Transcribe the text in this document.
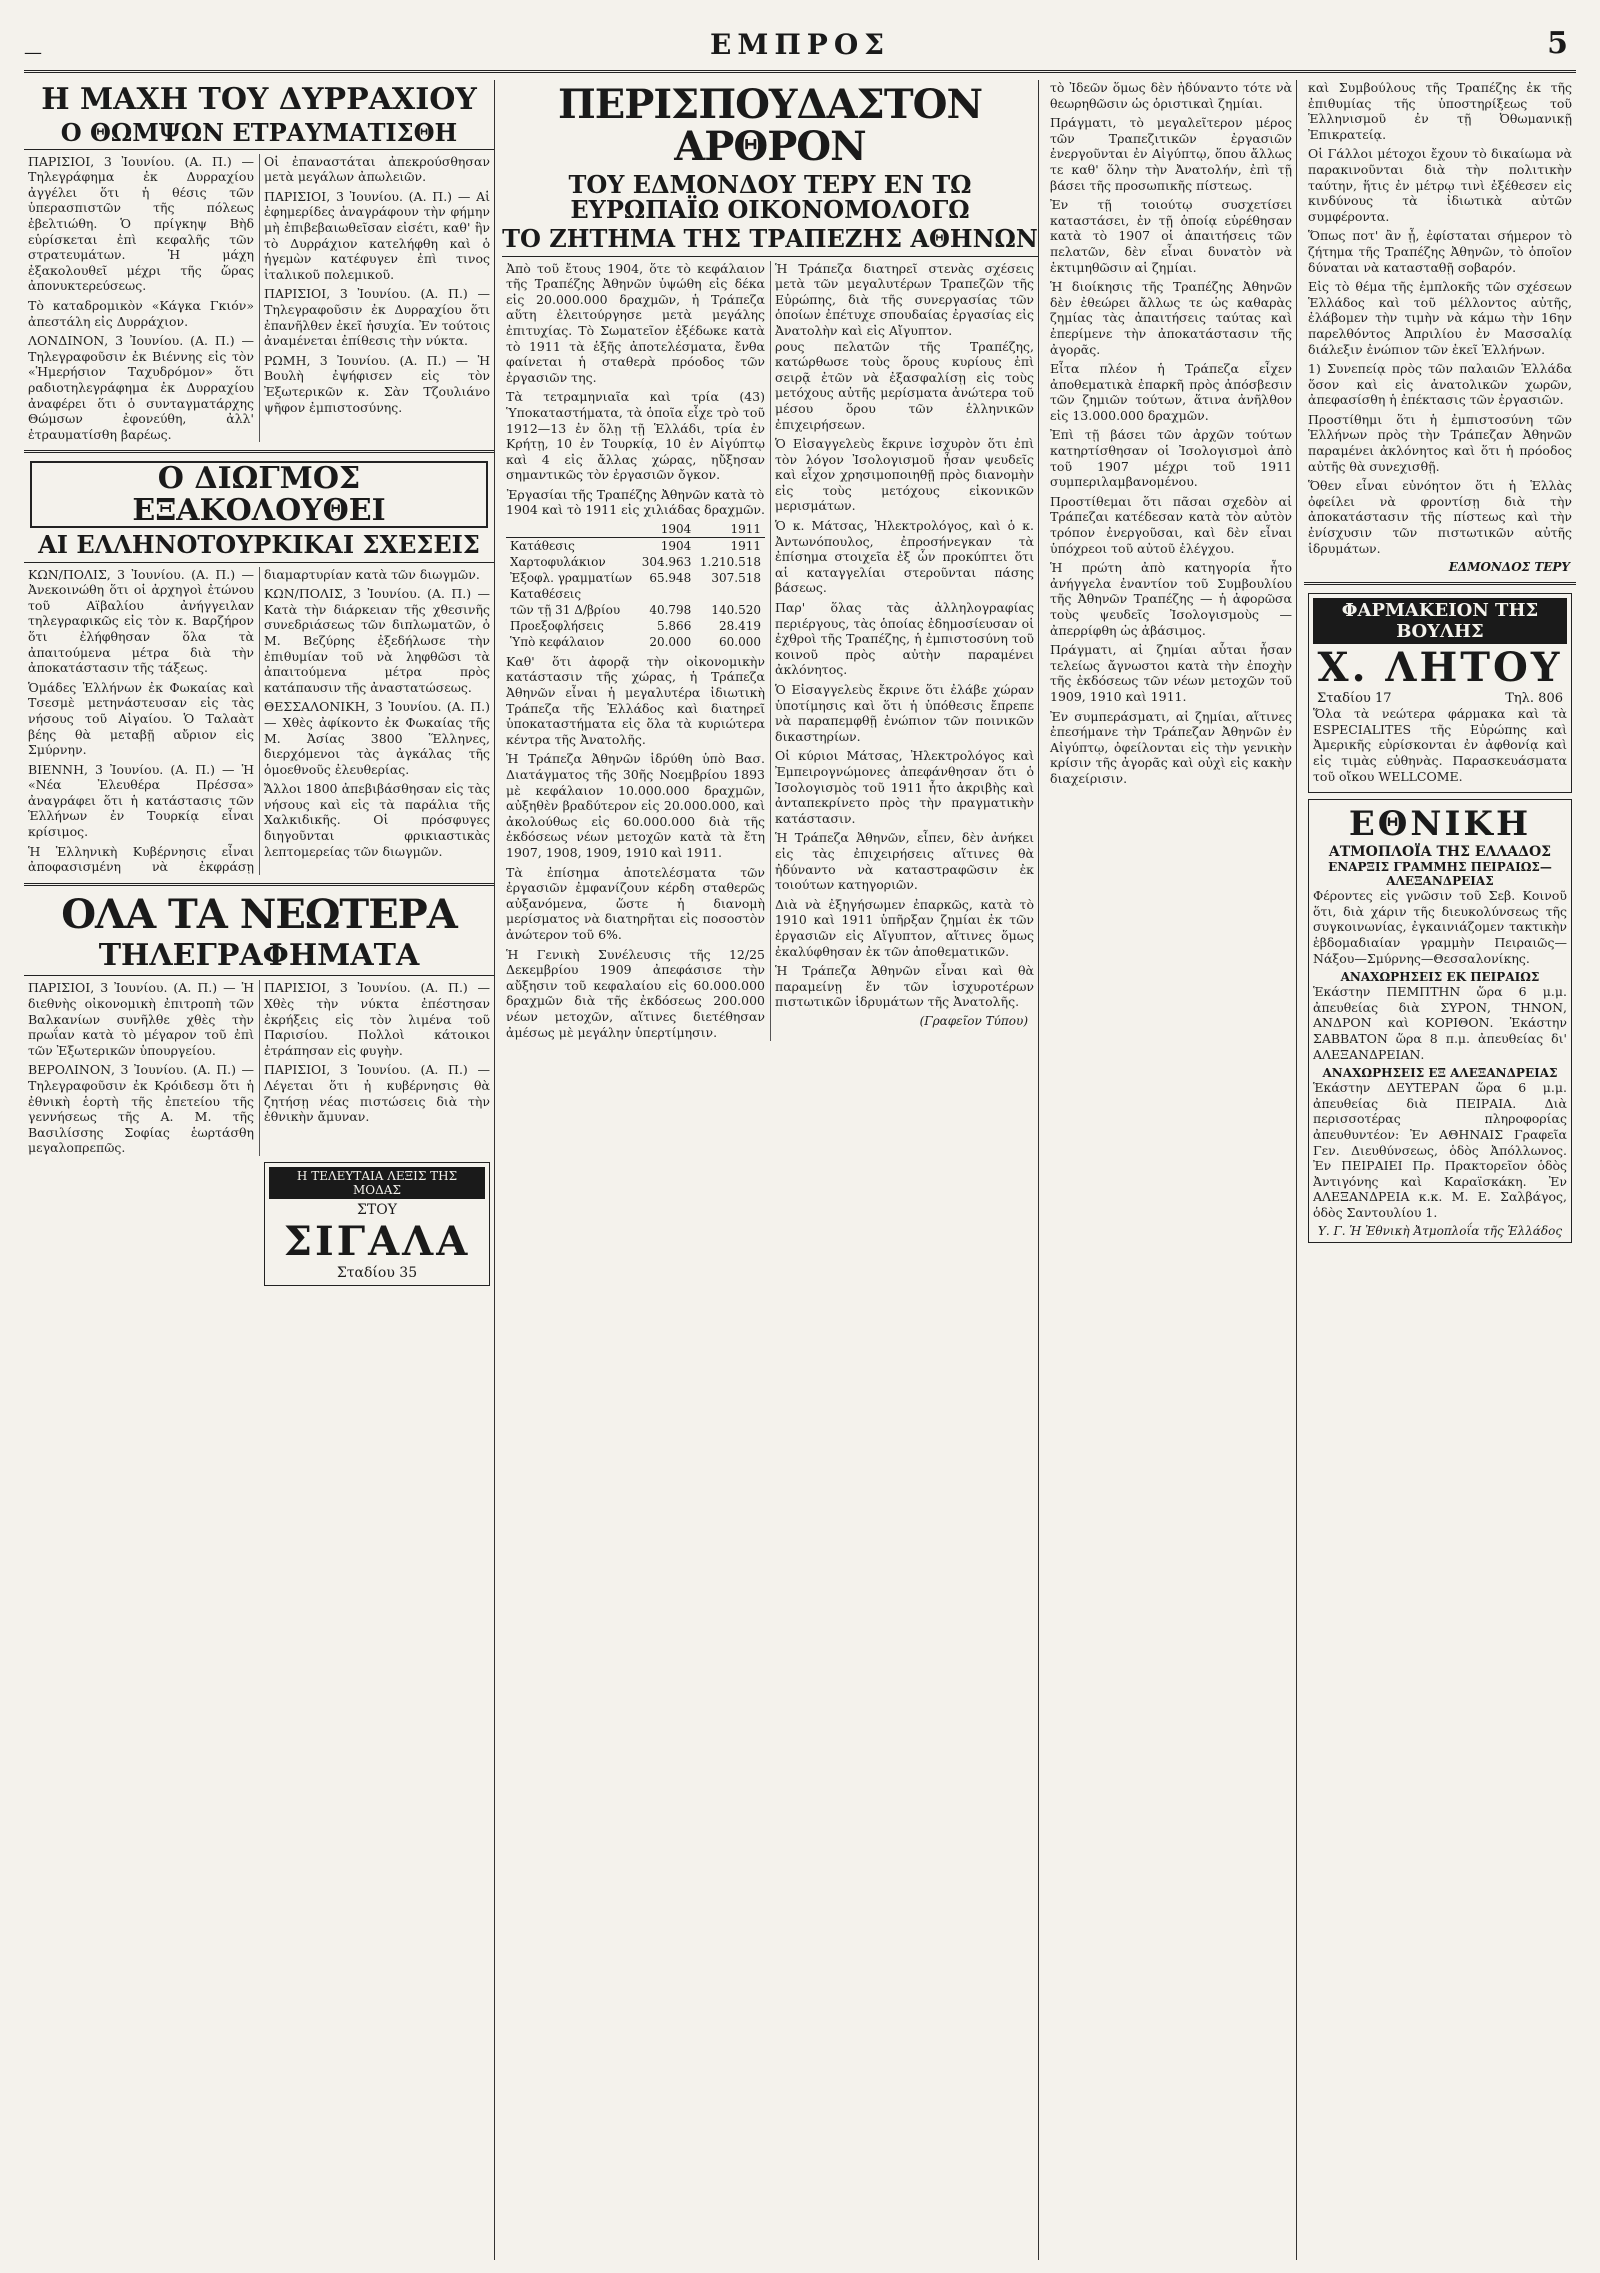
—	ΕΜΠΡΟΣ	5
Η ΜΑΧΗ ΤΟΥ ΔΥΡΡΑΧΙΟΥ
Ο ΘΩΜΨΩΝ ΕΤΡΑΥΜΑΤΙΣΘΗ

ΠΑΡΙΣΙΟΙ, 3 Ἰουνίου. (Α. Π.) — Τηλεγράφημα ἐκ Δυρραχίου ἀγγέλει ὅτι ἡ θέσις τῶν ὑπερασπιστῶν τῆς πόλεως ἐβελτιώθη. Ὁ πρίγκηψ Βὴδ εὑρίσκεται ἐπὶ κεφαλῆς τῶν στρατευμάτων. Ἡ μάχη ἐξακολουθεῖ μέχρι τῆς ὥρας ἀπονυκτερεύσεως.

Τὸ καταδρομικὸν «Κάγκα Γκιόν» ἀπεστάλη εἰς Δυρράχιον.

ΛΟΝΔΙΝΟΝ, 3 Ἰουνίου. (Α. Π.) — Τηλεγραφοῦσιν ἐκ Βιέννης εἰς τὸν «Ἡμερήσιον Ταχυδρόμον» ὅτι ραδιοτηλεγράφημα ἐκ Δυρραχίου ἀναφέρει ὅτι ὁ συνταγματάρχης Θώμσων ἐφονεύθη, ἀλλ' ἐτραυματίσθη βαρέως.

Οἱ ἐπαναστάται ἀπεκρούσθησαν μετὰ μεγάλων ἀπωλειῶν.

ΠΑΡΙΣΙΟΙ, 3 Ἰουνίου. (Α. Π.) — Αἱ ἐφημερίδες ἀναγράφουν τὴν φήμην μὴ ἐπιβεβαιωθεῖσαν εἰσέτι, καθ' ἣν τὸ Δυρράχιον κατελήφθη καὶ ὁ ἡγεμὼν κατέφυγεν ἐπὶ τινος ἰταλικοῦ πολεμικοῦ.

ΠΑΡΙΣΙΟΙ, 3 Ἰουνίου. (Α. Π.) — Τηλεγραφοῦσιν ἐκ Δυρραχίου ὅτι ἐπανῆλθεν ἐκεῖ ἡσυχία. Ἐν τούτοις ἀναμένεται ἐπίθεσις τὴν νύκτα.

ΡΩΜΗ, 3 Ἰουνίου. (Α. Π.) — Ἡ Βουλὴ ἐψήφισεν εἰς τὸν Ἐξωτερικῶν κ. Σὰν Τζουλιάνο ψῆφον ἐμπιστοσύνης.

Ο ΔΙΩΓΜΟΣ ΕΞΑΚΟΛΟΥΘΕΙ
ΑΙ ΕΛΛΗΝΟΤΟΥΡΚΙΚΑΙ ΣΧΕΣΕΙΣ

ΚΩΝ/ΠΟΛΙΣ, 3 Ἰουνίου. (Α. Π.) — Ἀνεκοινώθη ὅτι οἱ ἀρχηγοὶ ἐτώνου τοῦ Αϊβαλίου ἀνήγγειλαν τηλεγραφικῶς εἰς τὸν κ. Βαρζήρον ὅτι ἐλήφθησαν ὅλα τὰ ἀπαιτούμενα μέτρα διὰ τὴν ἀποκατάστασιν τῆς τάξεως.

Ὁμάδες Ἑλλήνων ἐκ Φωκαίας καὶ Τσεσμὲ μετηνάστευσαν εἰς τὰς νήσους τοῦ Αἰγαίου. Ὁ Ταλαὰτ βέης θὰ μεταβῇ αὔριον εἰς Σμύρνην.

ΒΙΕΝΝΗ, 3 Ἰουνίου. (Α. Π.) — Ἡ «Νέα Ἐλευθέρα Πρέσσα» ἀναγράφει ὅτι ἡ κατάστασις τῶν Ἑλλήνων ἐν Τουρκίᾳ εἶναι κρίσιμος.

Ἡ Ἑλληνικὴ Κυβέρνησις εἶναι ἀποφασισμένη νὰ ἐκφράσῃ διαμαρτυρίαν κατὰ τῶν διωγμῶν.

ΚΩΝ/ΠΟΛΙΣ, 3 Ἰουνίου. (Α. Π.) — Κατὰ τὴν διάρκειαν τῆς χθεσινῆς συνεδριάσεως τῶν διπλωματῶν, ὁ Μ. Βεζύρης ἐξεδήλωσε τὴν ἐπιθυμίαν τοῦ νὰ ληφθῶσι τὰ ἀπαιτούμενα μέτρα πρὸς κατάπαυσιν τῆς ἀναστατώσεως.

ΘΕΣΣΑΛΟΝΙΚΗ, 3 Ἰουνίου. (Α. Π.) — Χθὲς ἀφίκοντο ἐκ Φωκαίας τῆς Μ. Ἀσίας 3800 Ἕλληνες, διερχόμενοι τὰς ἀγκάλας τῆς ὁμοεθνοῦς ἐλευθερίας.

Ἄλλοι 1800 ἀπεβιβάσθησαν εἰς τὰς νήσους καὶ εἰς τὰ παράλια τῆς Χαλκιδικῆς. Οἱ πρόσφυγες διηγοῦνται φρικιαστικὰς λεπτομερείας τῶν διωγμῶν.

ΟΛΑ ΤΑ ΝΕΩΤΕΡΑ
ΤΗΛΕΓΡΑΦΗΜΑΤΑ

ΠΑΡΙΣΙΟΙ, 3 Ἰουνίου. (Α. Π.) — Ἡ διεθνὴς οἰκονομικὴ ἐπιτροπὴ τῶν Βαλκανίων συνῆλθε χθὲς τὴν πρωΐαν κατὰ τὸ μέγαρον τοῦ ἐπὶ τῶν Ἐξωτερικῶν ὑπουργείου.

ΒΕΡΟΛΙΝΟΝ, 3 Ἰουνίου. (Α. Π.) — Τηλεγραφοῦσιν ἐκ Κρόιδεσμ ὅτι ἡ ἐθνικὴ ἑορτὴ τῆς ἐπετείου τῆς γεννήσεως τῆς Α. Μ. τῆς Βασιλίσσης Σοφίας ἑωρτάσθη μεγαλοπρεπῶς.

ΠΑΡΙΣΙΟΙ, 3 Ἰουνίου. (Α. Π.) — Χθὲς τὴν νύκτα ἐπέστησαν ἐκρήξεις εἰς τὸν λιμένα τοῦ Παρισίου. Πολλοὶ κάτοικοι ἐτράπησαν εἰς φυγὴν.

ΠΑΡΙΣΙΟΙ, 3 Ἰουνίου. (Α. Π.) — Λέγεται ὅτι ἡ κυβέρνησις θὰ ζητήσῃ νέας πιστώσεις διὰ τὴν ἐθνικὴν ἄμυναν.

Η ΤΕΛΕΥΤΑΙΑ ΛΕΞΙΣ ΤΗΣ ΜΟΔΑΣ
ΣΤΟΥ ΣΙΓΑΛΑ
Σταδίου 35
ΠΕΡΙΣΠΟΥΔΑΣΤΟΝ ΑΡΘΡΟΝ
ΤΟΥ ΕΔΜΟΝΔΟΥ ΤΕΡΥ ΕΝ ΤΩ ΕΥΡΩΠΑΪΩ ΟΙΚΟΝΟΜΟΛΟΓΩ
ΤΟ ΖΗΤΗΜΑ ΤΗΣ ΤΡΑΠΕΖΗΣ ΑΘΗΝΩΝ

Ἀπὸ τοῦ ἔτους 1904, ὅτε τὸ κεφάλαιον τῆς Τραπέζης Ἀθηνῶν ὑψώθη εἰς δέκα εἰς 20.000.000 δραχμῶν, ἡ Τράπεζα αὕτη ἐλειτούργησε μετὰ μεγάλης ἐπιτυχίας. Τὸ Σωματεῖον ἐξέδωκε κατὰ τὸ 1911 τὰ ἑξῆς ἀποτελέσματα, ἔνθα φαίνεται ἡ σταθερὰ πρόοδος τῶν ἐργασιῶν της.

Τὰ τετραμηνιαῖα καὶ τρία (43) Ὑποκαταστήματα, τὰ ὁποῖα εἶχε τρὸ τοῦ 1912—13 ἐν ὅλῃ τῇ Ἑλλάδι, τρία ἐν Κρήτῃ, 10 ἐν Τουρκίᾳ, 10 ἐν Αἰγύπτῳ καὶ 4 εἰς ἄλλας χώρας, ηὔξησαν σημαντικῶς τὸν ἐργασιῶν ὄγκον.

Ἐργασίαι τῆς Τραπέζης Ἀθηνῶν κατὰ τὸ 1904 καὶ τὸ 1911 εἰς χιλιάδας δραχμῶν.
	1904	1911
Κατάθεσις	1904	1911
Χαρτοφυλάκιον	304.963	1.210.518
Ἐξοφλ. γραμματίων	65.948	307.518
Καταθέσεις		
τῶν τῇ 31 Δ/βρίου	40.798	140.520
Προεξοφλήσεις	5.866	28.419
Ὑπὸ κεφάλαιον	20.000	60.000

Καθ' ὅτι ἀφορᾷ τὴν οἰκονομικὴν κατάστασιν τῆς χώρας, ἡ Τράπεζα Ἀθηνῶν εἶναι ἡ μεγαλυτέρα ἰδιωτικὴ Τράπεζα τῆς Ἑλλάδος καὶ διατηρεῖ ὑποκαταστήματα εἰς ὅλα τὰ κυριώτερα κέντρα τῆς Ἀνατολῆς.

Ἡ Τράπεζα Ἀθηνῶν ἱδρύθη ὑπὸ Βασ. Διατάγματος τῆς 30ῆς Νοεμβρίου 1893 μὲ κεφάλαιον 10.000.000 δραχμῶν, αὐξηθὲν βραδύτερον εἰς 20.000.000, καὶ ἀκολούθως εἰς 60.000.000 διὰ τῆς ἐκδόσεως νέων μετοχῶν κατὰ τὰ ἔτη 1907, 1908, 1909, 1910 καὶ 1911.

Τὰ ἐπίσημα ἀποτελέσματα τῶν ἐργασιῶν ἐμφανίζουν κέρδη σταθερῶς αὐξανόμενα, ὥστε ἡ διανομὴ μερίσματος νὰ διατηρῆται εἰς ποσοστὸν ἀνώτερον τοῦ 6%.

Ἡ Γενικὴ Συνέλευσις τῆς 12/25 Δεκεμβρίου 1909 ἀπεφάσισε τὴν αὔξησιν τοῦ κεφαλαίου εἰς 60.000.000 δραχμῶν διὰ τῆς ἐκδόσεως 200.000 νέων μετοχῶν, αἵτινες διετέθησαν ἀμέσως μὲ μεγάλην ὑπερτίμησιν.

Ἡ Τράπεζα διατηρεῖ στενὰς σχέσεις μετὰ τῶν μεγαλυτέρων Τραπεζῶν τῆς Εὐρώπης, διὰ τῆς συνεργασίας τῶν ὁποίων ἐπέτυχε σπουδαίας ἐργασίας εἰς Ἀνατολὴν καὶ εἰς Αἴγυπτον.

ρους πελατῶν τῆς Τραπέζης, κατώρθωσε τοὺς ὅρους κυρίους ἐπὶ σειρᾷ ἐτῶν νὰ ἐξασφαλίσῃ εἰς τοὺς μετόχους αὐτῆς μερίσματα ἀνώτερα τοῦ μέσου ὅρου τῶν ἑλληνικῶν ἐπιχειρήσεων.

Ὁ Εἰσαγγελεὺς ἔκρινε ἰσχυρὸν ὅτι ἐπὶ τὸν λόγον Ἰσολογισμοῦ ἦσαν ψευδεῖς καὶ εἶχον χρησιμοποιηθῇ πρὸς διανομὴν εἰς τοὺς μετόχους εἰκονικῶν μερισμάτων.

Ὁ κ. Μάτσας, Ἠλεκτρολόγος, καὶ ὁ κ. Ἀντωνόπουλος, ἐπροσήνεγκαν τὰ ἐπίσημα στοιχεῖα ἐξ ὧν προκύπτει ὅτι αἱ καταγγελίαι στεροῦνται πάσης βάσεως.

Παρ' ὅλας τὰς ἀλληλογραφίας περιέργους, τὰς ὁποίας ἐδημοσίευσαν οἱ ἐχθροὶ τῆς Τραπέζης, ἡ ἐμπιστοσύνη τοῦ κοινοῦ πρὸς αὐτὴν παραμένει ἀκλόνητος.

Ὁ Εἰσαγγελεὺς ἔκρινε ὅτι ἐλάβε χώραν ὑποτίμησις καὶ ὅτι ἡ ὑπόθεσις ἔπρεπε νὰ παραπεμφθῇ ἐνώπιον τῶν ποινικῶν δικαστηρίων.

Οἱ κύριοι Μάτσας, Ἠλεκτρολόγος καὶ Ἐμπειρογνώμονες ἀπεφάνθησαν ὅτι ὁ Ἰσολογισμὸς τοῦ 1911 ἦτο ἀκριβὴς καὶ ἀνταπεκρίνετο πρὸς τὴν πραγματικὴν κατάστασιν.

Ἡ Τράπεζα Ἀθηνῶν, εἶπεν, δὲν ἀνήκει εἰς τὰς ἐπιχειρήσεις αἵτινες θὰ ἠδύναντο νὰ καταστραφῶσιν ἐκ τοιούτων κατηγοριῶν.

Διὰ νὰ ἐξηγήσωμεν ἐπαρκῶς, κατὰ τὸ 1910 καὶ 1911 ὑπῆρξαν ζημίαι ἐκ τῶν ἐργασιῶν εἰς Αἴγυπτον, αἵτινες ὅμως ἐκαλύφθησαν ἐκ τῶν ἀποθεματικῶν.

Ἡ Τράπεζα Ἀθηνῶν εἶναι καὶ θὰ παραμείνῃ ἕν τῶν ἰσχυροτέρων πιστωτικῶν ἱδρυμάτων τῆς Ἀνατολῆς.

(Γραφεῖον Τύπου)

τὸ Ἰδεῶν ὅμως δὲν ἠδύναντο τότε νὰ θεωρηθῶσιν ὡς ὁριστικαὶ ζημίαι.

Πράγματι, τὸ μεγαλεῖτερον μέρος τῶν Τραπεζιτικῶν ἐργασιῶν ἐνεργοῦνται ἐν Αἰγύπτῳ, ὅπου ἄλλως τε καθ' ὅλην τὴν Ἀνατολήν, ἐπὶ τῇ βάσει τῆς προσωπικῆς πίστεως.

Ἐν τῇ τοιούτῳ συσχετίσει καταστάσει, ἐν τῇ ὁποίᾳ εὑρέθησαν κατὰ τὸ 1907 οἱ ἀπαιτήσεις τῶν πελατῶν, δὲν εἶναι δυνατὸν νὰ ἐκτιμηθῶσιν αἱ ζημίαι.

Ἡ διοίκησις τῆς Τραπέζης Ἀθηνῶν δὲν ἐθεώρει ἄλλως τε ὡς καθαρὰς ζημίας τὰς ἀπαιτήσεις ταύτας καὶ ἐπερίμενε τὴν ἀποκατάστασιν τῆς ἀγορᾶς.

Εἶτα πλέον ἡ Τράπεζα εἶχεν ἀποθεματικὰ ἐπαρκῆ πρὸς ἀπόσβεσιν τῶν ζημιῶν τούτων, ἅτινα ἀνῆλθον εἰς 13.000.000 δραχμῶν.

Ἐπὶ τῇ βάσει τῶν ἀρχῶν τούτων κατηρτίσθησαν οἱ Ἰσολογισμοὶ ἀπὸ τοῦ 1907 μέχρι τοῦ 1911 συμπεριλαμβανομένου.

Προστίθεμαι ὅτι πᾶσαι σχεδὸν αἱ Τράπεζαι κατέδεσαν κατὰ τὸν αὐτὸν τρόπον ἐνεργοῦσαι, καὶ δὲν εἶναι ὑπόχρεοι τοῦ αὐτοῦ ἐλέγχου.

Ἡ πρώτη ἀπὸ κατηγορία ἦτο ἀνήγγελα ἐναντίον τοῦ Συμβουλίου τῆς Ἀθηνῶν Τραπέζης — ἡ ἀφορῶσα τοὺς ψευδεῖς Ἰσολογισμοὺς — ἀπερρίφθη ὡς ἀβάσιμος.

Πράγματι, αἱ ζημίαι αὗται ἦσαν τελείως ἄγνωστοι κατὰ τὴν ἐποχὴν τῆς ἐκδόσεως τῶν νέων μετοχῶν τοῦ 1909, 1910 καὶ 1911.

Ἐν συμπεράσματι, αἱ ζημίαι, αἵτινες ἐπεσήμανε τὴν Τράπεζαν Ἀθηνῶν ἐν Αἰγύπτῳ, ὀφείλονται εἰς τὴν γενικὴν κρίσιν τῆς ἀγορᾶς καὶ οὐχὶ εἰς κακὴν διαχείρισιν.

καὶ Συμβούλους τῆς Τραπέζης ἐκ τῆς ἐπιθυμίας τῆς ὑποστηρίξεως τοῦ Ἑλληνισμοῦ ἐν τῇ Ὀθωμανικῇ Ἐπικρατείᾳ.

Οἱ Γάλλοι μέτοχοι ἔχουν τὸ δικαίωμα νὰ παρακινοῦνται διὰ τὴν πολιτικὴν ταύτην, ἥτις ἐν μέτρῳ τινὶ ἐξέθεσεν εἰς κινδύνους τὰ ἰδιωτικὰ αὐτῶν συμφέροντα.

Ὅπως ποτ' ἂν ᾖ, ἐφίσταται σήμερον τὸ ζήτημα τῆς Τραπέζης Ἀθηνῶν, τὸ ὁποῖον δύναται νὰ κατασταθῇ σοβαρόν.

Εἰς τὸ θέμα τῆς ἐμπλοκῆς τῶν σχέσεων Ἑλλάδος καὶ τοῦ μέλλοντος αὐτῆς, ἐλάβομεν τὴν τιμὴν νὰ κάμω τὴν 16ην παρελθόντος Ἀπριλίου ἐν Μασσαλίᾳ διάλεξιν ἐνώπιον τῶν ἐκεῖ Ἑλλήνων.

1) Συνεπείᾳ πρὸς τῶν παλαιῶν Ἑλλάδα ὅσον καὶ εἰς ἀνατολικῶν χωρῶν, ἀπεφασίσθη ἡ ἐπέκτασις τῶν ἐργασιῶν.

Προστίθημι ὅτι ἡ ἐμπιστοσύνη τῶν Ἑλλήνων πρὸς τὴν Τράπεζαν Ἀθηνῶν παραμένει ἀκλόνητος καὶ ὅτι ἡ πρόοδος αὐτῆς θὰ συνεχισθῇ.

Ὅθεν εἶναι εὐνόητον ὅτι ἡ Ἑλλὰς ὀφείλει νὰ φροντίσῃ διὰ τὴν ἀποκατάστασιν τῆς πίστεως καὶ τὴν ἐνίσχυσιν τῶν πιστωτικῶν αὐτῆς ἱδρυμάτων.

ΕΔΜΟΝΔΟΣ ΤΕΡΥ
ΦΑΡΜΑΚΕΙΟΝ ΤΗΣ ΒΟΥΛΗΣ
Χ. ΛΗΤΟΥ
Σταδίου 17	Τηλ. 806

Ὅλα τὰ νεώτερα φάρμακα καὶ τὰ ESPECIALITES τῆς Εὐρώπης καὶ Ἀμερικῆς εὑρίσκονται ἐν ἀφθονίᾳ καὶ εἰς τιμὰς εὐθηνὰς. Παρασκευάσματα τοῦ οἴκου WELLCOME.

ΕΘΝΙΚΗ
ΑΤΜΟΠΛΟΪΑ ΤΗΣ ΕΛΛΑΔΟΣ
ΕΝΑΡΞΙΣ ΓΡΑΜΜΗΣ ΠΕΙΡΑΙΩΣ—ΑΛΕΞΑΝΔΡΕΙΑΣ

Φέροντες εἰς γνῶσιν τοῦ Σεβ. Κοινοῦ ὅτι, διὰ χάριν τῆς διευκολύνσεως τῆς συγκοινωνίας, ἐγκαινιάζομεν τακτικὴν ἑβδομαδιαίαν γραμμὴν Πειραιῶς—Νάξου—Σμύρνης—Θεσσαλονίκης.

ΑΝΑΧΩΡΗΣΕΙΣ ΕΚ ΠΕΙΡΑΙΩΣ

Ἑκάστην ΠΕΜΠΤΗΝ ὥρα 6 μ.μ. ἀπευθείας διὰ ΣΥΡΟΝ, ΤΗΝΟΝ, ΑΝΔΡΟΝ καὶ ΚΟΡΙΘΟΝ. Ἑκάστην ΣΑΒΒΑΤΟΝ ὥρα 8 π.μ. ἀπευθείας δι' ΑΛΕΞΑΝΔΡΕΙΑΝ.

ΑΝΑΧΩΡΗΣΕΙΣ ΕΞ ΑΛΕΞΑΝΔΡΕΙΑΣ

Ἑκάστην ΔΕΥΤΕΡΑΝ ὥρα 6 μ.μ. ἀπευθείας διὰ ΠΕΙΡΑΙΑ. Διὰ περισσοτέρας πληροφορίας ἀπευθυντέον: Ἐν ΑΘΗΝΑΙΣ Γραφεῖα Γεν. Διευθύνσεως, ὁδὸς Ἀπόλλωνος. Ἐν ΠΕΙΡΑΙΕΙ Πρ. Πρακτορεῖον ὁδὸς Ἀντιγόνης καὶ Καραϊσκάκη. Ἐν ΑΛΕΞΑΝΔΡΕΙΑ κ.κ. Μ. Ε. Σαλβάγος, ὁδὸς Σαντουλίου 1.

Υ. Γ. Ἡ Ἐθνικὴ Ἀτμοπλοΐα τῆς Ἑλλάδος
